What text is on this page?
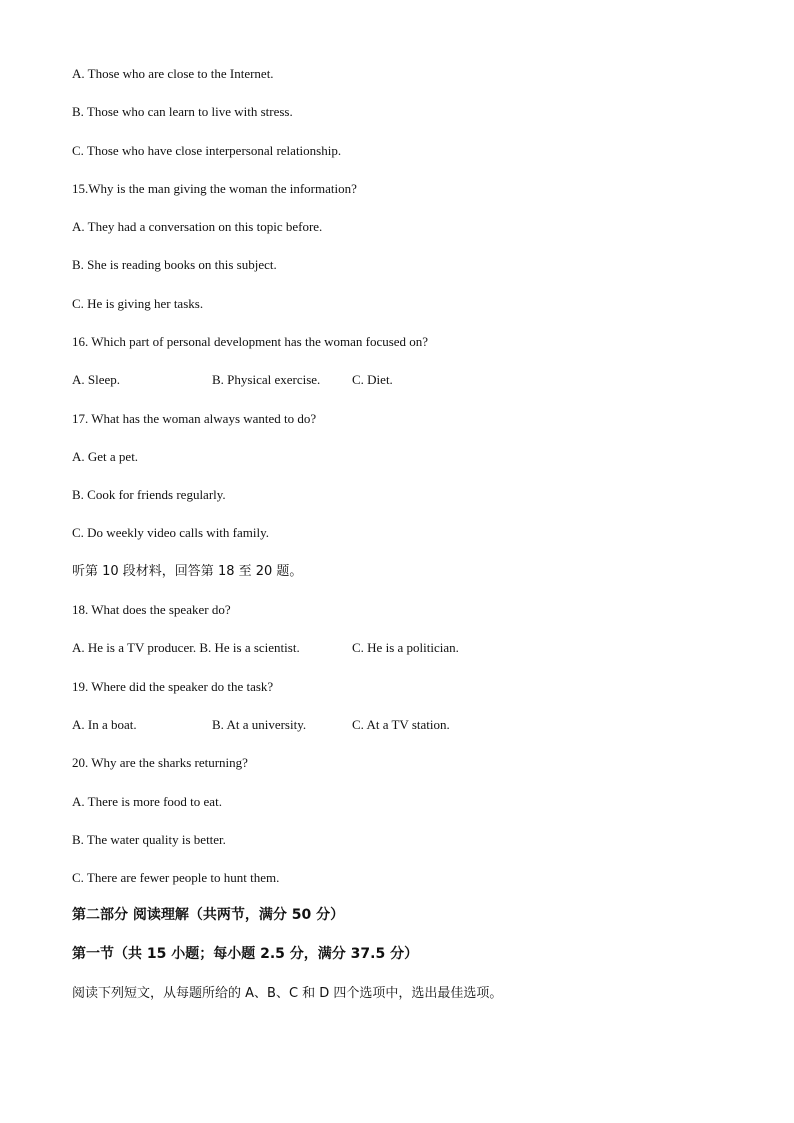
A. Those who are close to the Internet.
B. Those who can learn to live with stress.
C. Those who have close interpersonal relationship.
15.Why is the man giving the woman the information?
A. They had a conversation on this topic before.
B. She is reading books on this subject.
C. He is giving her tasks.
16. Which part of personal development has the woman focused on?
A. Sleep.	B. Physical exercise. C. Diet.
17. What has the woman always wanted to do?
A. Get a pet.
B. Cook for friends regularly.
C. Do weekly video calls with family.
听第 10 段材料，回答第 18 至 20 题。
18. What does the speaker do?
A. He is a TV producer. B. He is a scientist.	C. He is a politician.
19. Where did the speaker do the task?
A. In a boat.	B. At a university.	C. At a TV station.
20. Why are the sharks returning?
A. There is more food to eat.
B. The water quality is better.
C. There are fewer people to hunt them.
第二部分 阅读理解（共两节，满分 50 分）
第一节（共 15 小题；每小题 2.5 分，满分 37.5 分）
阅读下列短文，从每题所给的 A、B、C 和 D 四个选项中，选出最佳选项。
